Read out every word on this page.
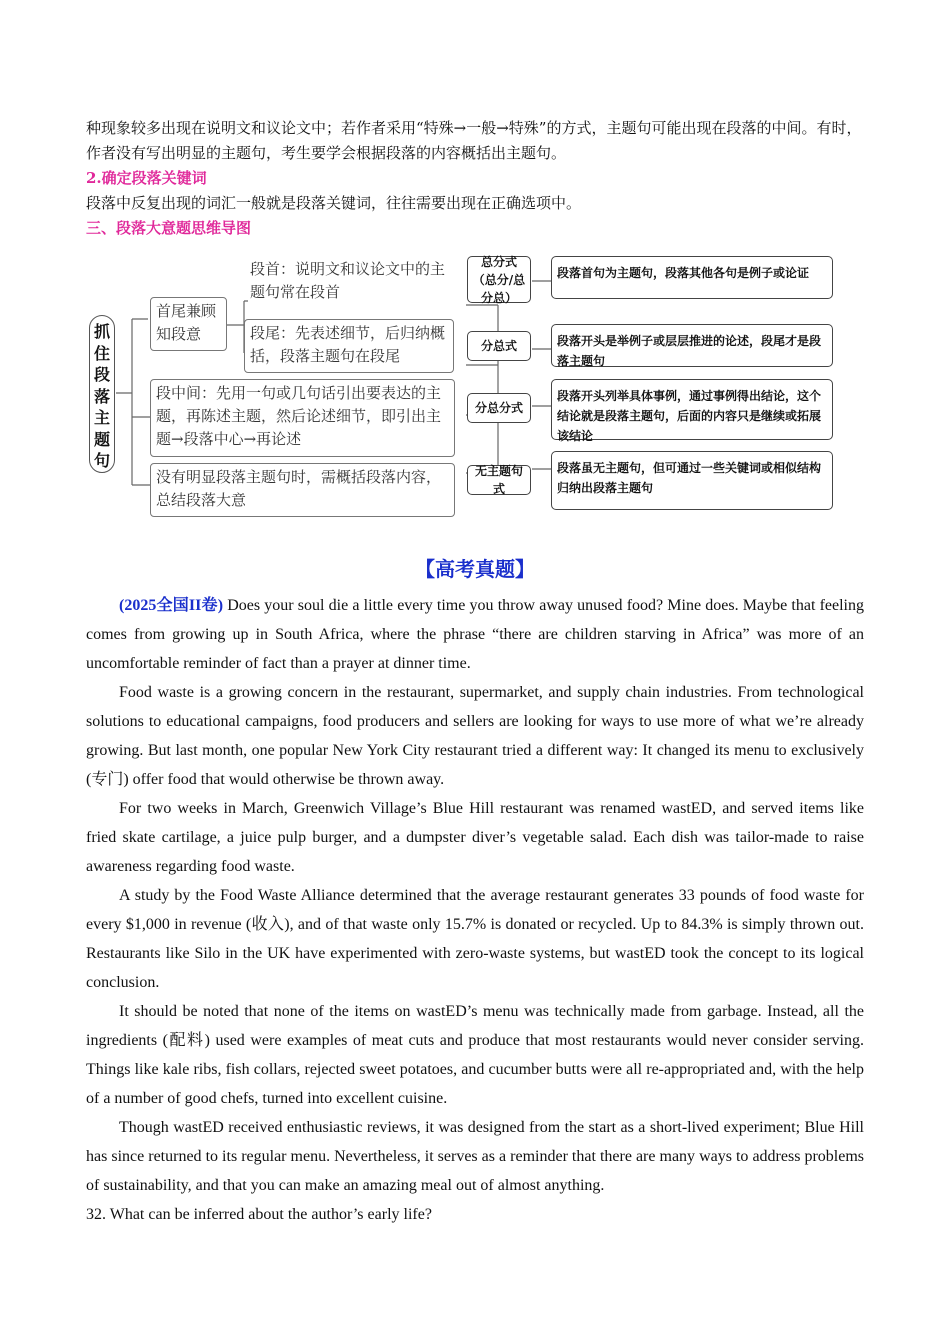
种现象较多出现在说明文和议论文中；若作者采用“特殊→一般→特殊”的方式，主题句可能出现在段落的中间。有时，作者没有写出明显的主题句，考生要学会根据段落的内容概括出主题句。

2.确定段落关键词

段落中反复出现的词汇一般就是段落关键词，往往需要出现在正确选项中。

三、段落大意题思维导图

抓
住
段
落
主
题
句
首尾兼顾知段意
段首：说明文和议论文中的主题句常在段首
段尾：先表述细节，后归纳概括，段落主题句在段尾
段中间：先用一句或几句话引出要表达的主题，再陈述主题，然后论述细节，即引出主题→段落中心→再论述
没有明显段落主题句时，需概括段落内容，总结段落大意
总分式（总分/总分总）
段落首句为主题句，段落其他各句是例子或论证
分总式	段落开头是举例子或层层推进的论述，段尾才是段落主题句
分总分式
段落开头列举具体事例，通过事例得出结论，这个结论就是段落主题句，后面的内容只是继续或拓展该结论
无主题句式
段落虽无主题句，但可通过一些关键词或相似结构归纳出段落主题句
【高考真题】

(2025全国II卷) Does your soul die a little every time you throw away unused food? Mine does. Maybe that feeling comes from growing up in South Africa, where the phrase “there are children starving in Africa” was more of an uncomfortable reminder of fact than a prayer at dinner time.

Food waste is a growing concern in the restaurant, supermarket, and supply chain industries. From technological solutions to educational campaigns, food producers and sellers are looking for ways to use more of what we’re already growing. But last month, one popular New York City restaurant tried a different way: It changed its menu to exclusively (专门) offer food that would otherwise be thrown away.

For two weeks in March, Greenwich Village’s Blue Hill restaurant was renamed wastED, and served items like fried skate cartilage, a juice pulp burger, and a dumpster diver’s vegetable salad. Each dish was tailor-made to raise awareness regarding food waste.

A study by the Food Waste Alliance determined that the average restaurant generates 33 pounds of food waste for every $1,000 in revenue (收入), and of that waste only 15.7% is donated or recycled. Up to 84.3% is simply thrown out. Restaurants like Silo in the UK have experimented with zero-waste systems, but wastED took the concept to its logical conclusion.

It should be noted that none of the items on wastED’s menu was technically made from garbage. Instead, all the ingredients (配料) used were examples of meat cuts and produce that most restaurants would never consider serving. Things like kale ribs, fish collars, rejected sweet potatoes, and cucumber butts were all re-appropriated and, with the help of a number of good chefs, turned into excellent cuisine.

Though wastED received enthusiastic reviews, it was designed from the start as a short-lived experiment; Blue Hill has since returned to its regular menu. Nevertheless, it serves as a reminder that there are many ways to address problems of sustainability, and that you can make an amazing meal out of almost anything.

32. What can be inferred about the author’s early life?
